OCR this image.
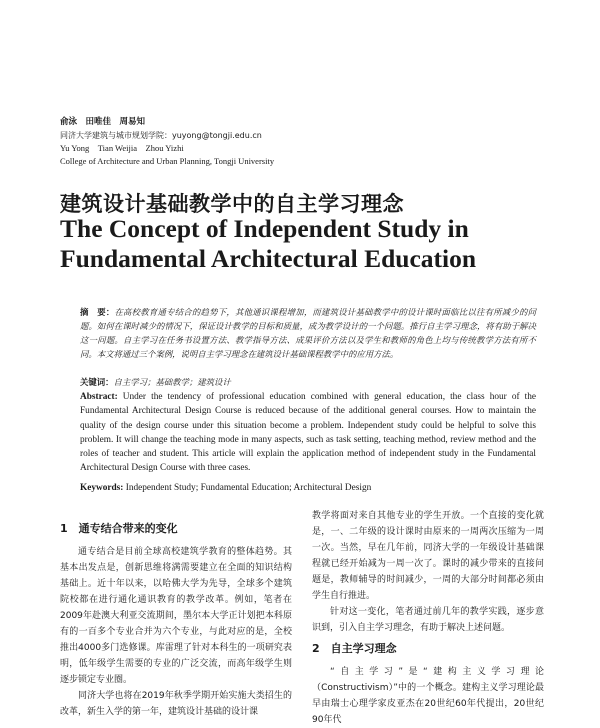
俞泳　田唯佳　周易知
同济大学建筑与城市规划学院：yuyong@tongji.edu.cn
Yu Yong　Tian Weijia　Zhou Yizhi
College of Architecture and Urban Planning, Tongji University
建筑设计基础教学中的自主学习理念
The Concept of Independent Study in Fundamental Architectural Education
摘　要：在高校教育通专结合的趋势下，其他通识课程增加，而建筑设计基础教学中的设计课时面临比以往有所减少的问题。如何在课时减少的情况下，保证设计教学的目标和质量，成为教学设计的一个问题。推行自主学习理念，将有助于解决这一问题。自主学习在任务书设置方法、教学指导方法、成果评价方法以及学生和教师的角色上均与传统教学方法有所不同。本文将通过三个案例，说明自主学习理念在建筑设计基础课程教学中的应用方法。
关键词：自主学习；基础教学；建筑设计
Abstract: Under the tendency of professional education combined with general education, the class hour of the Fundamental Architectural Design Course is reduced because of the additional general courses. How to maintain the quality of the design course under this situation become a problem. Independent study could be helpful to solve this problem. It will change the teaching mode in many aspects, such as task setting, teaching method, review method and the roles of teacher and student. This article will explain the application method of independent study in the Fundamental Architectural Design Course with three cases.
Keywords: Independent Study; Fundamental Education; Architectural Design
1　通专结合带来的变化

通专结合是目前全球高校建筑学教育的整体趋势。其基本出发点是，创新思维将满需要建立在全面的知识结构基础上。近十年以来，以哈佛大学为先导，全球多个建筑院校都在进行通化通识教育的教学改革。例如，笔者在2009年赴澳大利亚交流期间，墨尔本大学正计划把本科原有的一百多个专业合并为六个专业，与此对应的是，全校推出4000多门选修课。库雷理了针对本科生的一项研究表明，低年级学生需要的专业的广泛交流，而高年级学生则逐步锁定专业圈。

同济大学也将在2019年秋季学期开始实施大类招生的改革，新生入学的第一年，建筑设计基础的设计课

教学将面对来自其他专业的学生开放。一个直接的变化就是，一、二年级的设计课时由原来的一周两次压缩为一周一次。当然，早在几年前，同济大学的一年级设计基础课程就已经开始减为一周一次了。课时的减少带来的直接问题是，教师辅导的时间减少，一周的大部分时间都必须由学生自行推进。

针对这一变化，笔者通过前几年的教学实践，逐步意识到，引入自主学习理念，有助于解决上述问题。

2　自主学习理念

“自主学习”是“建构主义学习理论（Constructivism）”中的一个概念。建构主义学习理论最早由瑞士心理学家皮亚杰在20世纪60年代提出，20世纪90年代
